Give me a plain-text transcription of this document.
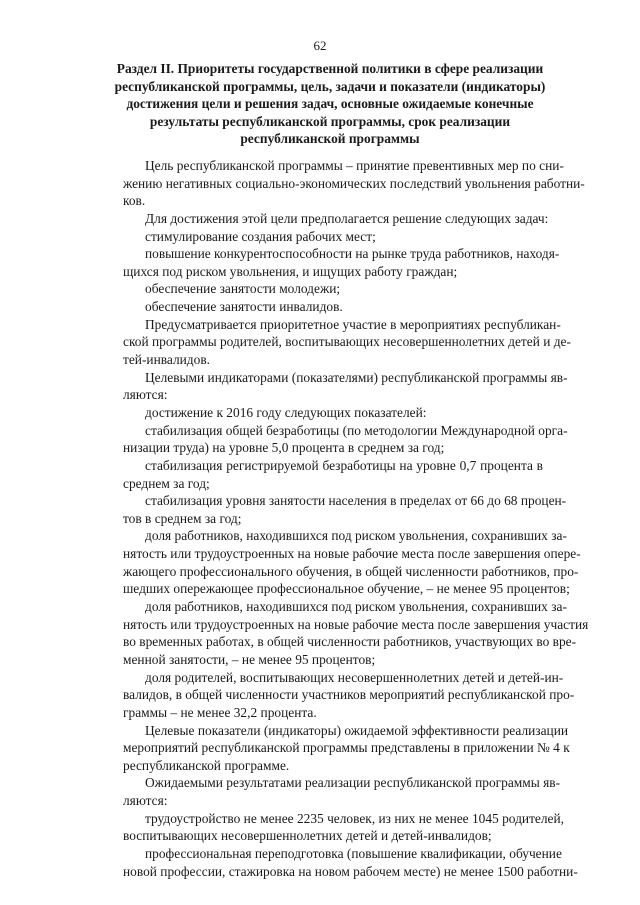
62
Раздел II. Приоритеты государственной политики в сфере реализации
республиканской программы, цель, задачи и показатели (индикаторы)
достижения цели и решения задач, основные ожидаемые конечные
результаты республиканской программы, срок реализации
республиканской программы
Цель республиканской программы – принятие превентивных мер по сни-
жению негативных социально-экономических последствий увольнения работни-
ков.
Для достижения этой цели предполагается решение следующих задач:
стимулирование создания рабочих мест;
повышение конкурентоспособности на рынке труда работников, находя-
щихся под риском увольнения, и ищущих работу граждан;
обеспечение занятости молодежи;
обеспечение занятости инвалидов.
Предусматривается приоритетное участие в мероприятиях республикан-
ской программы родителей, воспитывающих несовершеннолетних детей и де-
тей-инвалидов.
Целевыми индикаторами (показателями) республиканской программы яв-
ляются:
достижение к 2016 году следующих показателей:
стабилизация общей безработицы (по методологии Международной орга-
низации труда) на уровне 5,0 процента в среднем за год;
стабилизация регистрируемой безработицы на уровне 0,7 процента в
среднем за год;
стабилизация уровня занятости населения в пределах от 66 до 68 процен-
тов в среднем за год;
доля работников, находившихся под риском увольнения, сохранивших за-
нятость или трудоустроенных на новые рабочие места после завершения опере-
жающего профессионального обучения, в общей численности работников, про-
шедших опережающее профессиональное обучение, – не менее 95 процентов;
доля работников, находившихся под риском увольнения, сохранивших за-
нятость или трудоустроенных на новые рабочие места после завершения участия
во временных работах, в общей численности работников, участвующих во вре-
менной занятости, – не менее 95 процентов;
доля родителей, воспитывающих несовершеннолетних детей и детей-ин-
валидов, в общей численности участников мероприятий республиканской про-
граммы – не менее 32,2 процента.
Целевые показатели (индикаторы) ожидаемой эффективности реализации
мероприятий республиканской программы представлены в приложении № 4 к
республиканской программе.
Ожидаемыми результатами реализации республиканской программы яв-
ляются:
трудоустройство не менее 2235 человек, из них не менее 1045 родителей,
воспитывающих несовершеннолетних детей и детей-инвалидов;
профессиональная переподготовка (повышение квалификации, обучение
новой профессии, стажировка на новом рабочем месте) не менее 1500 работни-
